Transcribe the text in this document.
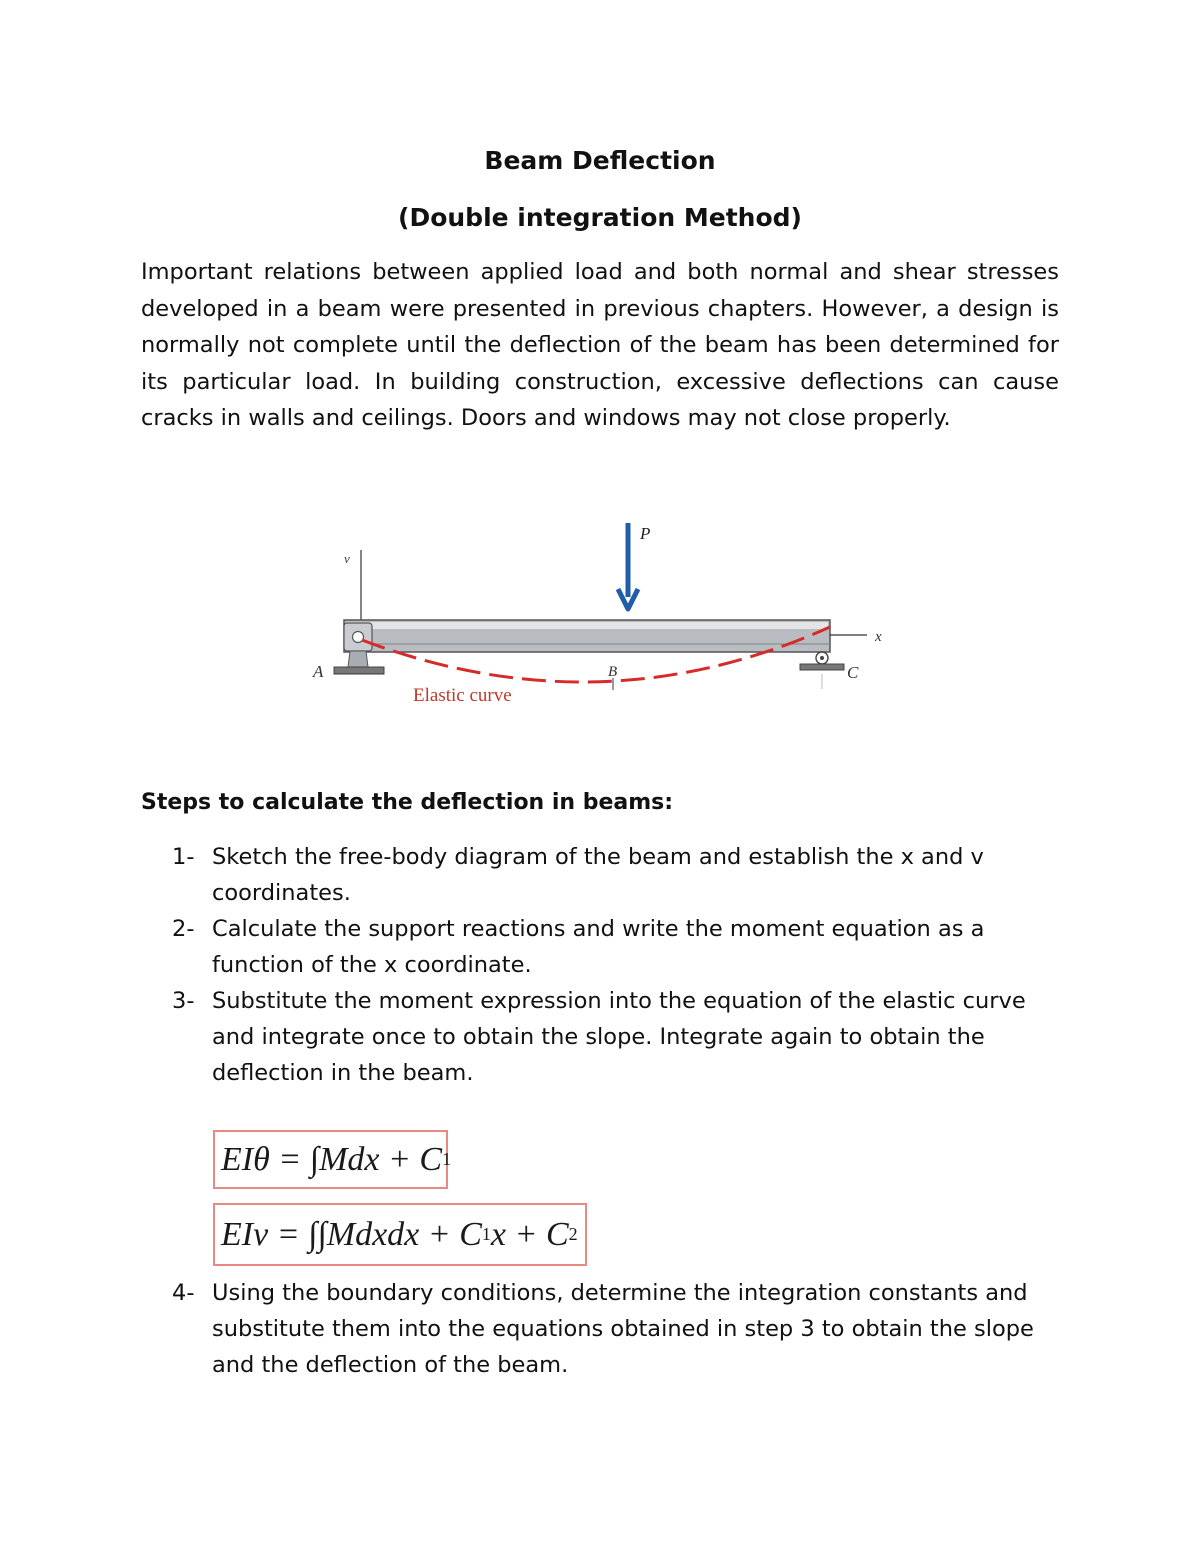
Beam Deflection

(Double integration Method)

Important relations between applied load and both normal and shear stresses developed in a beam were presented in previous chapters. However, a design is normally not complete until the deflection of the beam has been determined for its particular load. In building construction, excessive deflections can cause cracks in walls and ceilings. Doors and windows may not close properly.

v
P
x
A	C
B
Elastic curve

Steps to calculate the deflection in beams:

1- Sketch the free-body diagram of the beam and establish the x and v coordinates.
2- Calculate the support reactions and write the moment equation as a function of the x coordinate.
3- Substitute the moment expression into the equation of the elastic curve and integrate once to obtain the slope. Integrate again to obtain the deflection in the beam.
EIθ = ∫Mdx + C 1
EIv = ∫∫Mdxdx + C 1 x + C 2
4- Using the boundary conditions, determine the integration constants and substitute them into the equations obtained in step 3 to obtain the slope and the deflection of the beam.
